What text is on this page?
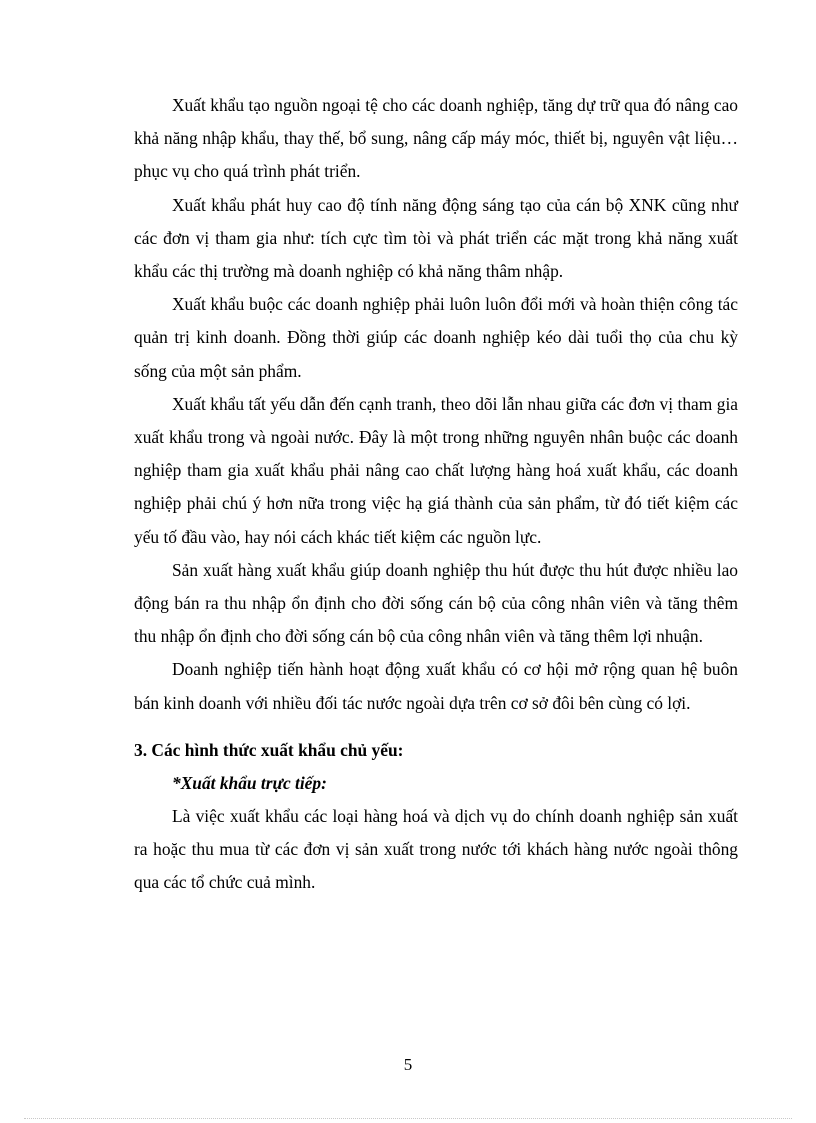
Xuất khẩu tạo nguồn ngoại tệ cho các doanh nghiệp, tăng dự trữ qua đó nâng cao khả năng nhập khẩu, thay thế, bổ sung, nâng cấp máy móc, thiết bị, nguyên vật liệu… phục vụ cho quá trình phát triển.

Xuất khẩu phát huy cao độ tính năng động sáng tạo của cán bộ XNK cũng như các đơn vị tham gia như: tích cực tìm tòi và phát triển các mặt trong khả năng xuất khẩu các thị trường mà doanh nghiệp có khả năng thâm nhập.

Xuất khẩu buộc các doanh nghiệp phải luôn luôn đổi mới và hoàn thiện công tác quản trị kinh doanh. Đồng thời giúp các doanh nghiệp kéo dài tuổi thọ của chu kỳ sống của một sản phẩm.

Xuất khẩu tất yếu dẫn đến cạnh tranh, theo dõi lẫn nhau giữa các đơn vị tham gia xuất khẩu trong và ngoài nước. Đây là một trong những nguyên nhân buộc các doanh nghiệp tham gia xuất khẩu phải nâng cao chất lượng hàng hoá xuất khẩu, các doanh nghiệp phải chú ý hơn nữa trong việc hạ giá thành của sản phẩm, từ đó tiết kiệm các yếu tố đầu vào, hay nói cách khác tiết kiệm các nguồn lực.

Sản xuất hàng xuất khẩu giúp doanh nghiệp thu hút được thu hút được nhiều lao động bán ra thu nhập ổn định cho đời sống cán bộ của công nhân viên và tăng thêm thu nhập ổn định cho đời sống cán bộ của công nhân viên và tăng thêm lợi nhuận.

Doanh nghiệp tiến hành hoạt động xuất khẩu có cơ hội mở rộng quan hệ buôn bán kinh doanh với nhiều đối tác nước ngoài dựa trên cơ sở đôi bên cùng có lợi.

3. Các hình thức xuất khẩu chủ yếu:

*Xuất khẩu trực tiếp:

Là việc xuất khẩu các loại hàng hoá và dịch vụ do chính doanh nghiệp sản xuất ra hoặc thu mua từ các đơn vị sản xuất trong nước tới khách hàng nước ngoài thông qua các tổ chức cuả mình.

5
